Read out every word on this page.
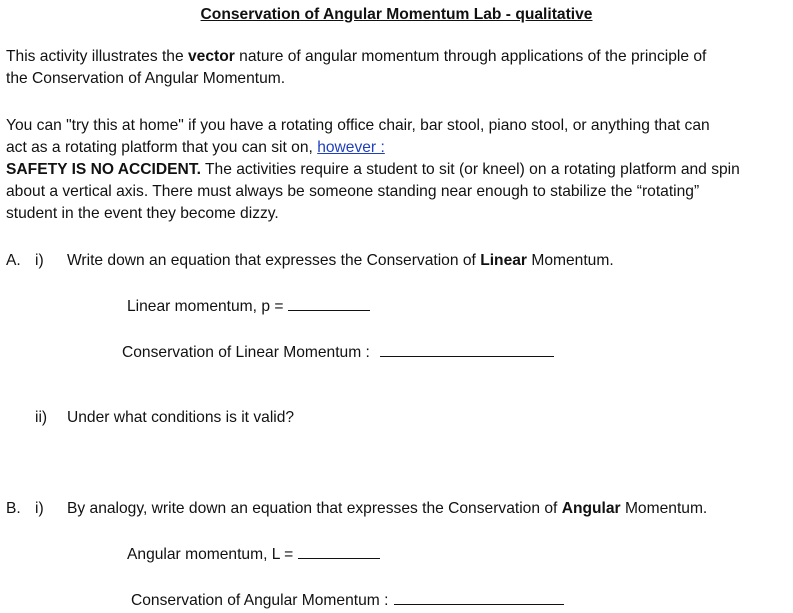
Conservation of Angular Momentum Lab - qualitative
This activity illustrates the vector nature of angular momentum through applications of the principle of
the Conservation of Angular Momentum.
You can "try this at home" if you have a rotating office chair, bar stool, piano stool, or anything that can
act as a rotating platform that you can sit on, however :
SAFETY IS NO ACCIDENT. The activities require a student to sit (or kneel) on a rotating platform and spin
about a vertical axis. There must always be someone standing near enough to stabilize the “rotating”
student in the event they become dizzy.
A. i) Write down an equation that expresses the Conservation of Linear Momentum.
Linear momentum, p =
Conservation of Linear Momentum :
ii) Under what conditions is it valid?
B. i) By analogy, write down an equation that expresses the Conservation of Angular Momentum.
Angular momentum, L =
Conservation of Angular Momentum :
